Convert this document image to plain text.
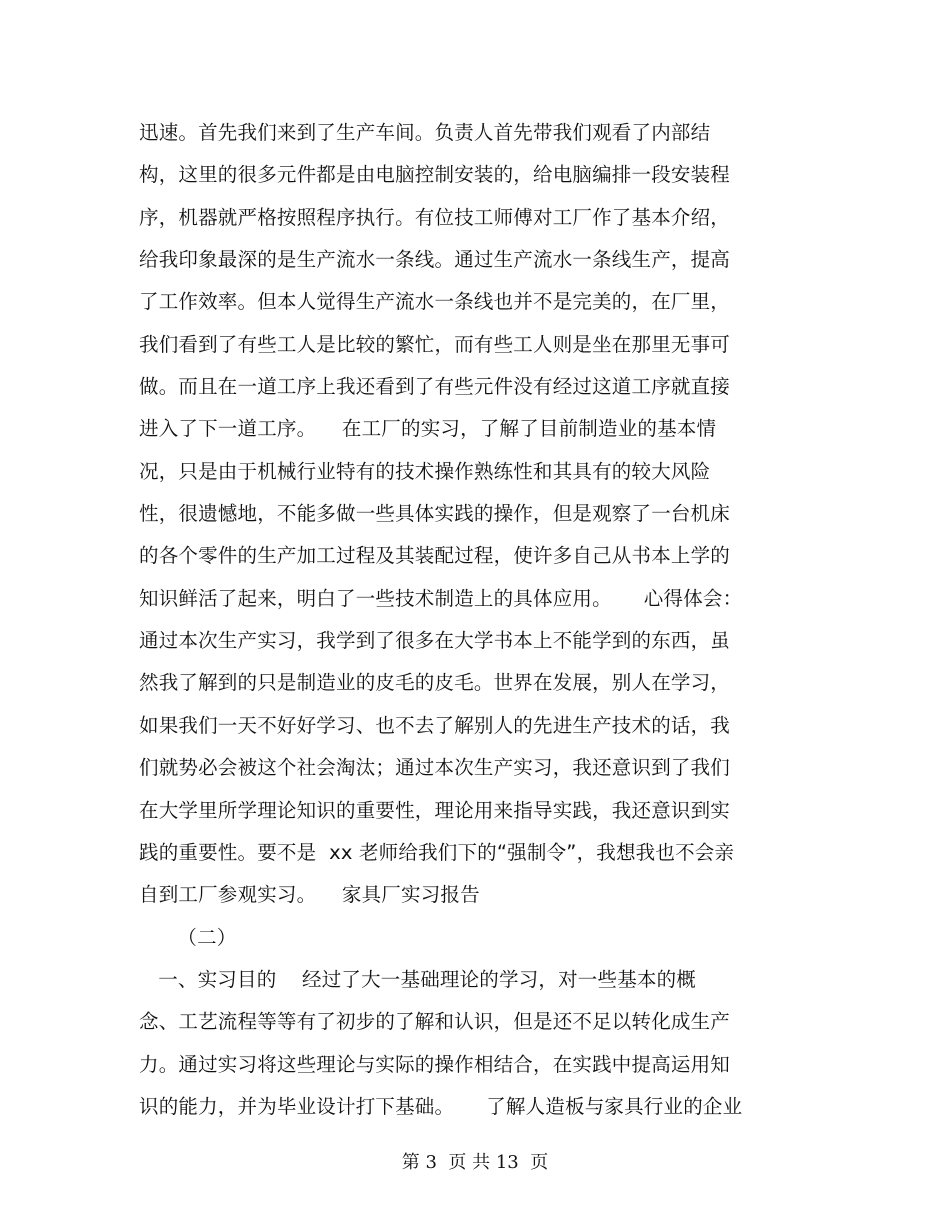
迅速。首先我们来到了生产车间。负责人首先带我们观看了内部结
构，这里的很多元件都是由电脑控制安装的，给电脑编排一段安装程
序，机器就严格按照程序执行。有位技工师傅对工厂作了基本介绍，
给我印象最深的是生产流水一条线。通过生产流水一条线生产，提高
了工作效率。但本人觉得生产流水一条线也并不是完美的，在厂里，
我们看到了有些工人是比较的繁忙，而有些工人则是坐在那里无事可
做。而且在一道工序上我还看到了有些元件没有经过这道工序就直接
进入了下一道工序。    在工厂的实习，了解了目前制造业的基本情
况，只是由于机械行业特有的技术操作熟练性和其具有的较大风险
性，很遗憾地，不能多做一些具体实践的操作，但是观察了一台机床
的各个零件的生产加工过程及其装配过程，使许多自己从书本上学的
知识鲜活了起来，明白了一些技术制造上的具体应用。     心得体会：
通过本次生产实习，我学到了很多在大学书本上不能学到的东西，虽
然我了解到的只是制造业的皮毛的皮毛。世界在发展，别人在学习，
如果我们一天不好好学习、也不去了解别人的先进生产技术的话，我
们就势必会被这个社会淘汰；通过本次生产实习，我还意识到了我们
在大学里所学理论知识的重要性，理论用来指导实践，我还意识到实
践的重要性。要不是  xx 老师给我们下的“强制令”，我想我也不会亲
自到工厂参观实习。    家具厂实习报告
（二）
一、实习目的    经过了大一基础理论的学习，对一些基本的概
念、工艺流程等等有了初步的了解和认识，但是还不足以转化成生产
力。通过实习将这些理论与实际的操作相结合，在实践中提高运用知
识的能力，并为毕业设计打下基础。     了解人造板与家具行业的企业
第 3  页 共 13  页
